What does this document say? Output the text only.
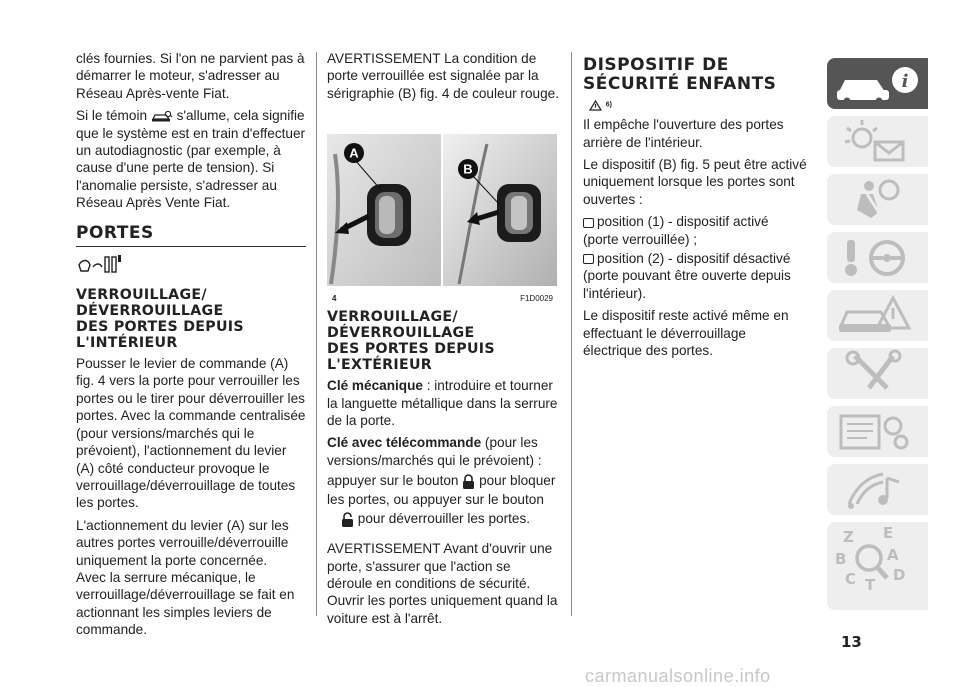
clés fournies. Si l'on ne parvient pas à démarrer le moteur, s'adresser au Réseau Après-vente Fiat.

Si le témoin s'allume, cela signifie que le système est en train d'effectuer un autodiagnostic (par exemple, à cause d'une perte de tension). Si l'anomalie persiste, s'adresser au Réseau Après Vente Fiat.

PORTES
VERROUILLAGE/
DÉVERROUILLAGE
DES PORTES DEPUIS
L'INTÉRIEUR

Pousser le levier de commande (A) fig. 4 vers la porte pour verrouiller les portes ou le tirer pour déverrouiller les portes. Avec la commande centralisée (pour versions/marchés qui le prévoient), l'actionnement du levier (A) côté conducteur provoque le verrouillage/déverrouillage de toutes les portes.

L'actionnement du levier (A) sur les autres portes verrouille/déverrouille uniquement la porte concernée.

Avec la serrure mécanique, le verrouillage/déverrouillage se fait en actionnant les simples leviers de commande.

AVERTISSEMENT La condition de porte verrouillée est signalée par la sérigraphie (B) fig. 4 de couleur rouge.

A
B
4	F1D0029
VERROUILLAGE/
DÉVERROUILLAGE
DES PORTES DEPUIS
L'EXTÉRIEUR

Clé mécanique : introduire et tourner la languette métallique dans la serrure de la porte.

Clé avec télécommande (pour les versions/marchés qui le prévoient) :

appuyer sur le bouton pour bloquer les portes, ou appuyer sur le bouton  pour déverrouiller les portes.

AVERTISSEMENT Avant d'ouvrir une porte, s'assurer que l'action se déroule en conditions de sécurité. Ouvrir les portes uniquement quand la voiture est à l'arrêt.

DISPOSITIF DE
SÉCURITÉ ENFANTS
6)

Il empêche l'ouverture des portes arrière de l'intérieur.

Le dispositif (B) fig. 5 peut être activé uniquement lorsque les portes sont ouvertes :

position (1) - dispositif activé (porte verrouillée) ;

position (2) - dispositif désactivé (porte pouvant être ouverte depuis l'intérieur).

Le dispositif reste activé même en effectuant le déverrouillage électrique des portes.

i
Z E
B	A
C T
D
13
carmanualsonline.info
